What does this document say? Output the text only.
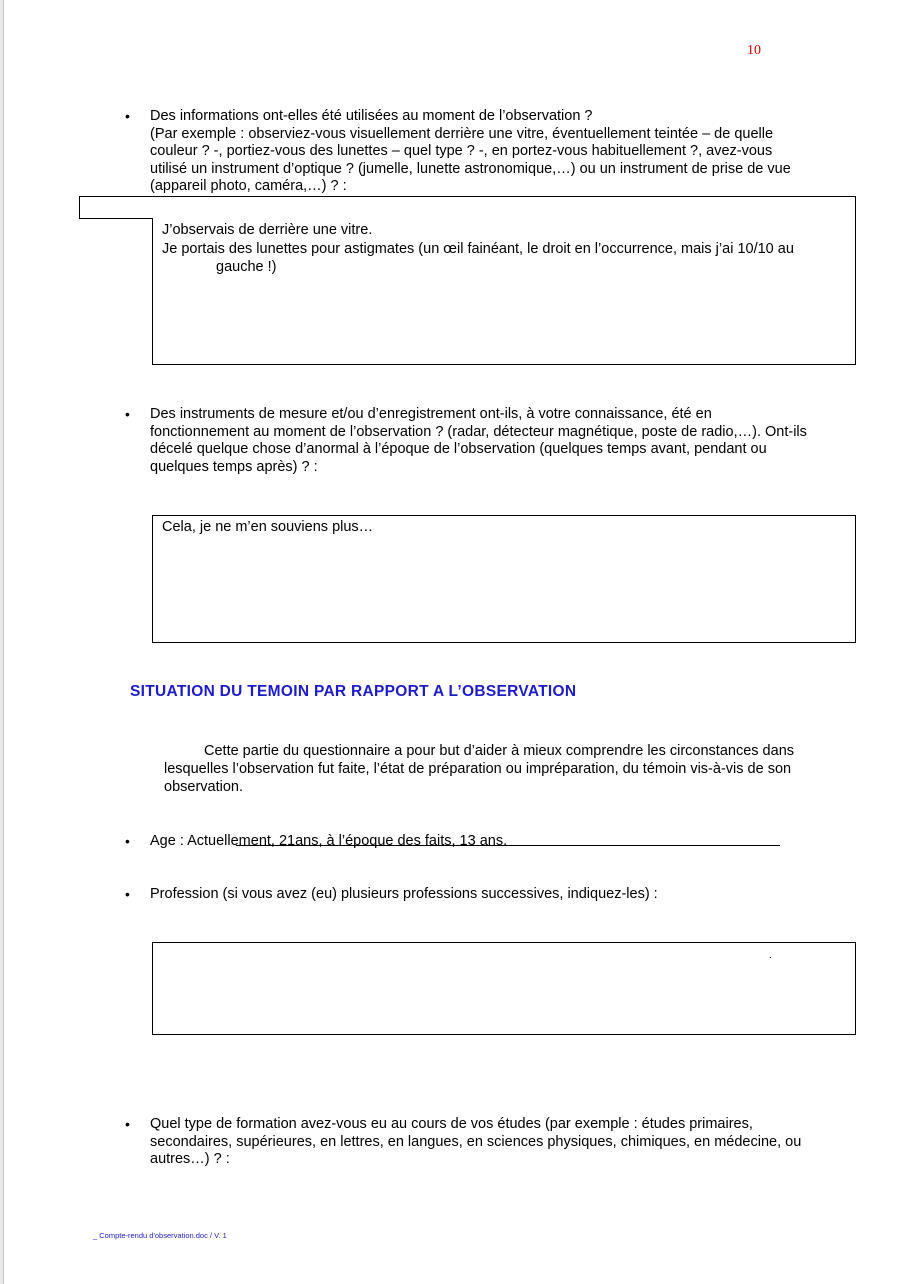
10
• Des informations ont-elles été utilisées au moment de l’observation ?
(Par exemple : observiez-vous visuellement derrière une vitre, éventuellement teintée – de quelle
couleur ? -, portiez-vous des lunettes – quel type ? -, en portez-vous habituellement ?, avez-vous
utilisé un instrument d’optique ? (jumelle, lunette astronomique,…) ou un instrument de prise de vue
(appareil photo, caméra,…) ? :
J’observais de derrière une vitre.
Je portais des lunettes pour astigmates (un œil fainéant, le droit en l’occurrence, mais j’ai 10/10 au
gauche !)
• Des instruments de mesure et/ou d’enregistrement ont-ils, à votre connaissance, été en
fonctionnement au moment de l’observation ? (radar, détecteur magnétique, poste de radio,…). Ont-ils
décelé quelque chose d’anormal à l’époque de l’observation (quelques temps avant, pendant ou
quelques temps après) ? :
Cela, je ne m’en souviens plus…
SITUATION DU TEMOIN PAR RAPPORT A L’OBSERVATION
Cette partie du questionnaire a pour but d’aider à mieux comprendre les circonstances dans lesquelles l’observation fut faite, l’état de préparation ou impréparation, du témoin vis-à-vis de son observation.
• Age : Actuellement, 21ans, à l’époque des faits, 13 ans.
• Profession (si vous avez (eu) plusieurs professions successives, indiquez-les) :
.
• Quel type de formation avez-vous eu au cours de vos études (par exemple : études primaires,
secondaires, supérieures, en lettres, en langues, en sciences physiques, chimiques, en médecine, ou
autres…) ? :
_ Compte-rendu d'observation.doc / V. 1
